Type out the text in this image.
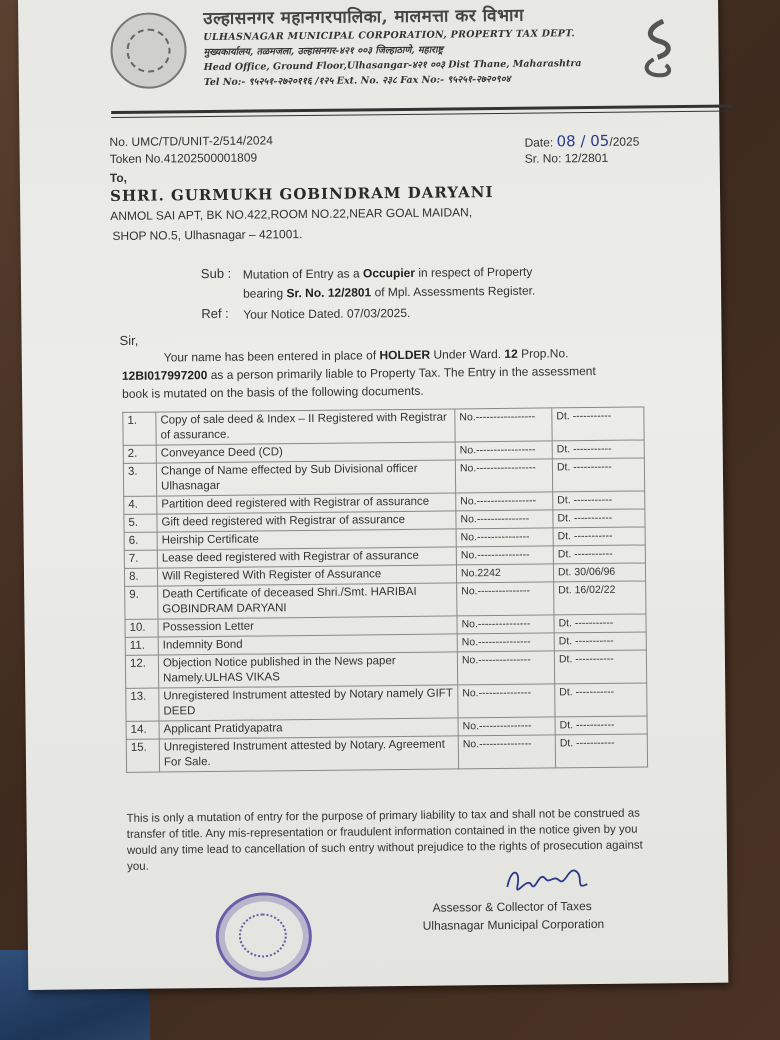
उल्हासनगर महानगरपालिका, मालमत्ता कर विभाग
ULHASNAGAR MUNICIPAL CORPORATION, PROPERTY TAX DEPT.
मुख्यकार्यालय, तळमजला, उल्हासनगर-४२१ ००३ जिल्हाठाणे, महाराष्ट्र
Head Office, Ground Floor,Ulhasangar-४२१ ००३ Dist Thane, Maharashtra
Tel No:- ९५२५१-२७२०११६ /१२५ Ext. No. २३८ Fax No:- ९५२५१-२७२०९०४
No. UMC/TD/UNIT-2/514/2024
Token No.41202500001809
To,
Date: 08 / 05/2025
Sr. No: 12/2801
SHRI. GURMUKH GOBINDRAM DARYANI
ANMOL SAI APT, BK NO.422,ROOM NO.22,NEAR GOAL MAIDAN,
SHOP NO.5, Ulhasnagar – 421001.
Sub : Mutation of Entry as a Occupier in respect of Property
bearing Sr. No. 12/2801 of Mpl. Assessments Register.
Ref : Your Notice Dated. 07/03/2025.
Sir,
Your name has been entered in place of HOLDER Under Ward. 12 Prop.No.
12BI017997200 as a person primarily liable to Property Tax. The Entry in the assessment
book is mutated on the basis of the following documents.
1.	Copy of sale deed & Index – II Registered with Registrar of assurance.	No.-----------------	Dt. -----------
2.	Conveyance Deed (CD)	No.-----------------	Dt. -----------
3.	Change of Name effected by Sub Divisional officer Ulhasnagar	No.-----------------	Dt. -----------
4.	Partition deed registered with Registrar of assurance	No.-----------------	Dt. -----------
5.	Gift deed registered with Registrar of assurance	No.---------------	Dt. -----------
6.	Heirship Certificate	No.---------------	Dt. -----------
7.	Lease deed registered with Registrar of assurance	No.---------------	Dt. -----------
8.	Will Registered With Register of Assurance	No.2242	Dt. 30/06/96
9.	Death Certificate of deceased Shri./Smt. HARIBAI GOBINDRAM DARYANI	No.---------------	Dt. 16/02/22
10.	Possession Letter	No.---------------	Dt. -----------
11.	Indemnity Bond	No.---------------	Dt. -----------
12.	Objection Notice published in the News paper Namely.ULHAS VIKAS	No.---------------	Dt. -----------
13.	Unregistered Instrument attested by Notary namely GIFT DEED	No.---------------	Dt. -----------
14.	Applicant Pratidyapatra	No.---------------	Dt. -----------
15.	Unregistered Instrument attested by Notary. Agreement For Sale.	No.---------------	Dt. -----------
This is only a mutation of entry for the purpose of primary liability to tax and shall not be construed as transfer of title. Any mis-representation or fraudulent information contained in the notice given by you would any time lead to cancellation of such entry without prejudice to the rights of prosecution against you.
Assessor & Collector of Taxes
Ulhasnagar Municipal Corporation
